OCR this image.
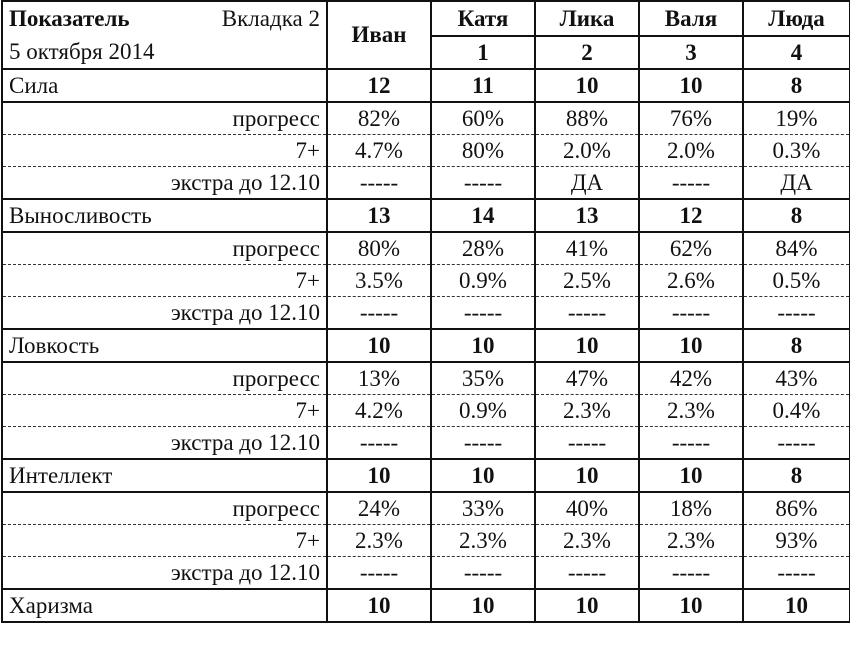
Показатель Вкладка 2	Иван	Катя	Лика	Валя	Люда
5 октября 2014		1	2	3	4
Сила	12	11	10	10	8
прогресс	82%	60%	88%	76%	19%
7+	4.7%	80%	2.0%	2.0%	0.3%
экстра до 12.10	-----	-----	ДА	-----	ДА
Выносливость	13	14	13	12	8
прогресс	80%	28%	41%	62%	84%
7+	3.5%	0.9%	2.5%	2.6%	0.5%
экстра до 12.10	-----	-----	-----	-----	-----
Ловкость	10	10	10	10	8
прогресс	13%	35%	47%	42%	43%
7+	4.2%	0.9%	2.3%	2.3%	0.4%
экстра до 12.10	-----	-----	-----	-----	-----
Интеллект	10	10	10	10	8
прогресс	24%	33%	40%	18%	86%
7+	2.3%	2.3%	2.3%	2.3%	93%
экстра до 12.10	-----	-----	-----	-----	-----
Харизма	10	10	10	10	10
